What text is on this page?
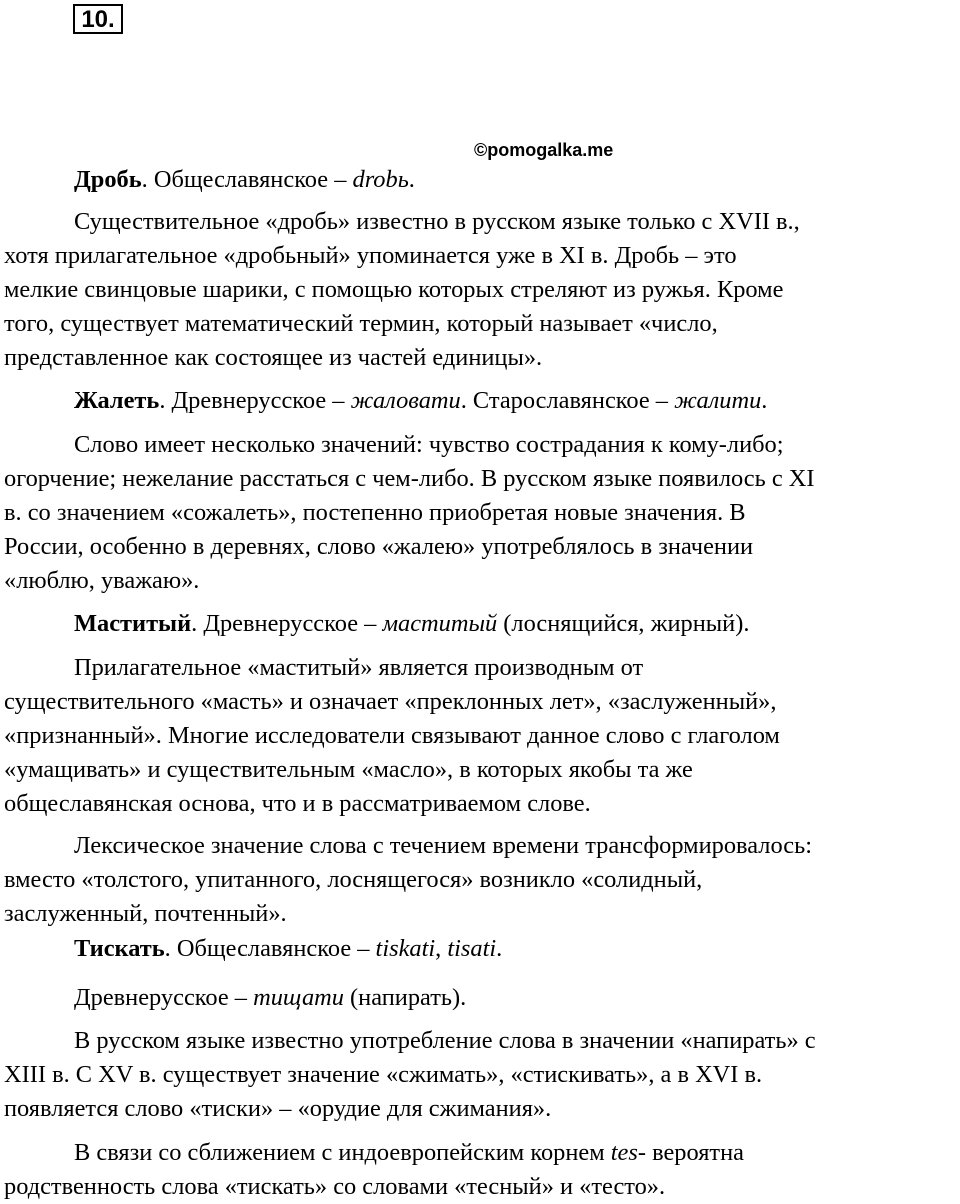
10.
©pomogalka.me

Дробь. Общеславянское – drobь.

Существительное «дробь» известно в русском языке только с XVII в.,
хотя прилагательное «дробьный» упоминается уже в XI в. Дробь – это
мелкие свинцовые шарики, с помощью которых стреляют из ружья. Кроме
того, существует математический термин, который называет «число,
представленное как состоящее из частей единицы».

Жалеть. Древнерусское – жаловати. Старославянское – жалити.

Слово имеет несколько значений: чувство сострадания к кому-либо;
огорчение; нежелание расстаться с чем-либо. В русском языке появилось с XI
в. со значением «сожалеть», постепенно приобретая новые значения. В
России, особенно в деревнях, слово «жалею» употреблялось в значении
«люблю, уважаю».

Маститый. Древнерусское – маститый (лоснящийся, жирный).

Прилагательное «маститый» является производным от
существительного «масть» и означает «преклонных лет», «заслуженный»,
«признанный». Многие исследователи связывают данное слово с глаголом
«умащивать» и существительным «масло», в которых якобы та же
общеславянская основа, что и в рассматриваемом слове.

Лексическое значение слова с течением времени трансформировалось:
вместо «толстого, упитанного, лоснящегося» возникло «солидный,
заслуженный, почтенный».

Тискать. Общеславянское – tiskati, tisati.

Древнерусское – тищати (напирать).

В русском языке известно употребление слова в значении «напирать» с
XIII в. С XV в. существует значение «сжимать», «стискивать», а в XVI в.
появляется слово «тиски» – «орудие для сжимания».

В связи со сближением с индоевропейским корнем tes- вероятна
родственность слова «тискать» со словами «тесный» и «тесто».
